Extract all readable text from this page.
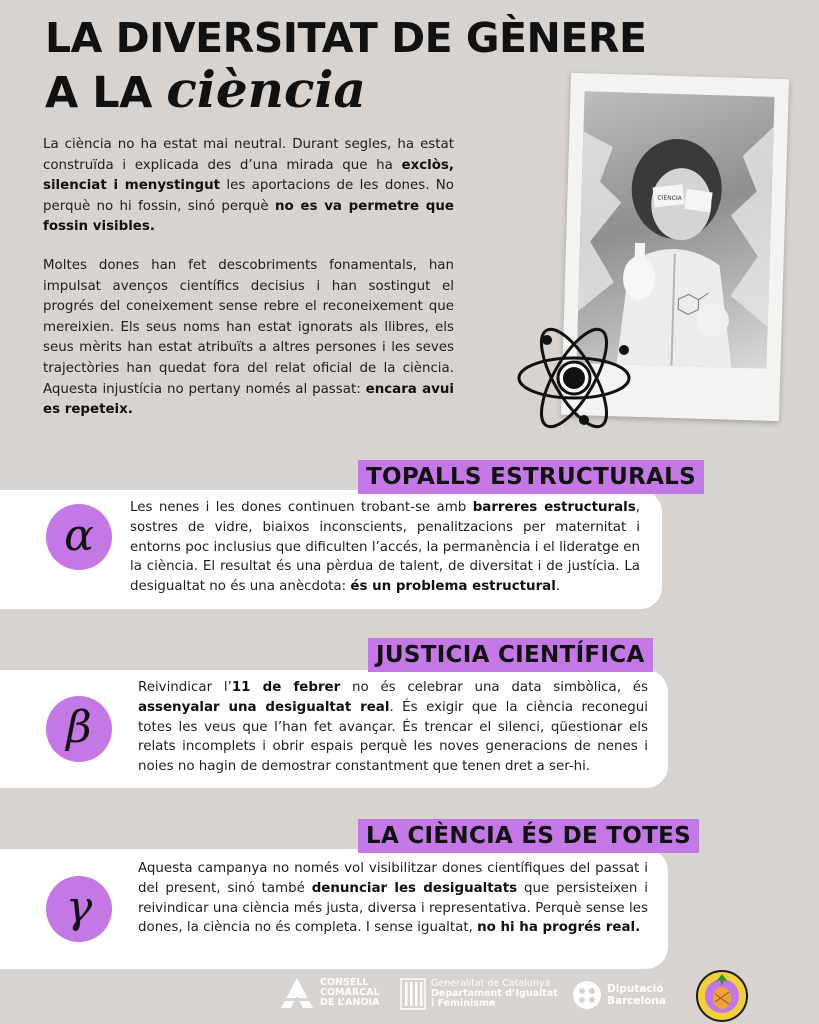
LA DIVERSITAT DE GÈNERE
A LA ciència

La ciència no ha estat mai neutral. Durant segles, ha estat construïda i explicada des d’una mirada que ha exclòs, silenciat i menystingut les aportacions de les dones. No perquè no hi fossin, sinó perquè no es va permetre que fossin visibles.

Moltes dones han fet descobriments fonamentals, han impulsat avenços científics decisius i han sostingut el progrés del coneixement sense rebre el reconeixement que mereixien. Els seus noms han estat ignorats als llibres, els seus mèrits han estat atribuïts a altres persones i les seves trajectòries han quedat fora del relat oficial de la ciència. Aquesta injustícia no pertany només al passat: encara avui es repeteix.

CIÈNCIA
TOPALLS ESTRUCTURALS
α

Les nenes i les dones continuen trobant-se amb barreres estructurals, sostres de vidre, biaixos inconscients, penalitzacions per maternitat i entorns poc inclusius que dificulten l’accés, la permanència i el lideratge en la ciència. El resultat és una pèrdua de talent, de diversitat i de justícia. La desigualtat no és una anècdota: és un problema estructural.

JUSTICIA CIENTÍFICA
β

Reivindicar l’11 de febrer no és celebrar una data simbòlica, és assenyalar una desigualtat real. És exigir que la ciència reconegui totes les veus que l’han fet avançar. És trencar el silenci, qüestionar els relats incomplets i obrir espais perquè les noves generacions de nenes i noies no hagin de demostrar constantment que tenen dret a ser-hi.

LA CIÈNCIA ÉS DE TOTES
γ

Aquesta campanya no només vol visibilitzar dones científiques del passat i del present, sinó també denunciar les desigualtats que persisteixen i reivindicar una ciència més justa, diversa i representativa. Perquè sense les dones, la ciència no és completa. I sense igualtat, no hi ha progrés real.

CONSELL
COMARCAL
DE L’ANOIA
Generalitat de Catalunya
Departament d’Igualtat
i Feminisme
Diputació
Barcelona
